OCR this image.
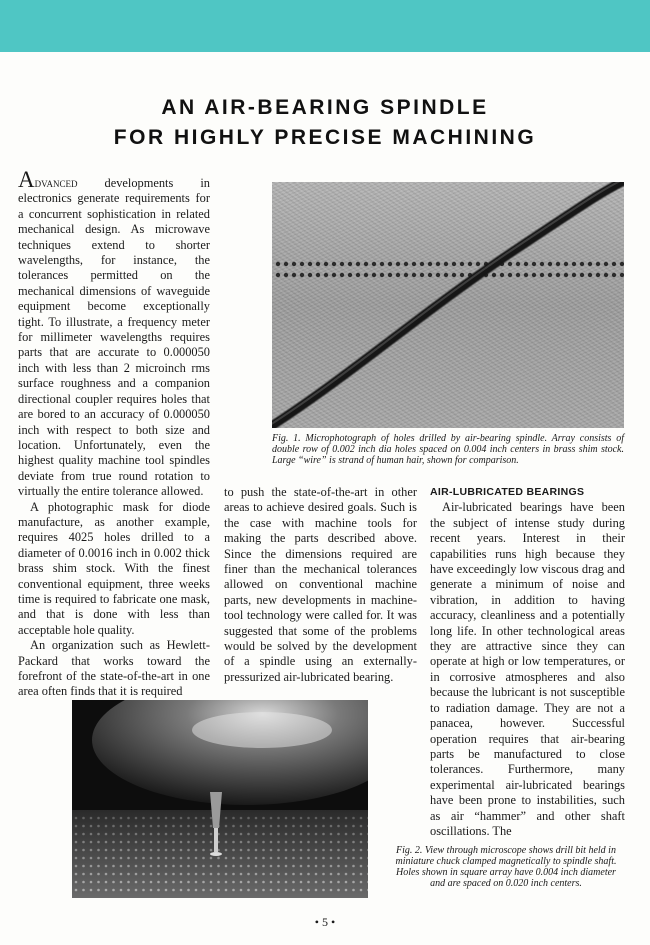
AN AIR-BEARING SPINDLE
FOR HIGHLY PRECISE MACHINING

Advanced developments in electronics generate requirements for a concurrent sophistication in related mechanical design. As microwave techniques extend to shorter wavelengths, for instance, the tolerances permitted on the mechanical dimensions of waveguide equipment become exceptionally tight. To illustrate, a frequency meter for millimeter wavelengths requires parts that are accurate to 0.000050 inch with less than 2 microinch rms surface roughness and a companion directional coupler requires holes that are bored to an accuracy of 0.000050 inch with respect to both size and location. Unfortunately, even the highest quality machine tool spindles deviate from true round rotation to virtually the entire tolerance allowed.

A photographic mask for diode manufacture, as another example, requires 4025 holes drilled to a diameter of 0.0016 inch in 0.002 thick brass shim stock. With the finest conventional equipment, three weeks time is required to fabricate one mask, and that is done with less than acceptable hole quality.

An organization such as Hewlett-Packard that works toward the forefront of the state-of-the-art in one area often finds that it is required

Fig. 1. Microphotograph of holes drilled by air-bearing spindle. Array consists of double row of 0.002 inch dia holes spaced on 0.004 inch centers in brass shim stock. Large “wire” is strand of human hair, shown for comparison.

to push the state-of-the-art in other areas to achieve desired goals. Such is the case with machine tools for making the parts described above. Since the dimensions required are finer than the mechanical tolerances allowed on conventional machine parts, new developments in machine-tool technology were called for. It was suggested that some of the problems would be solved by the development of a spindle using an externally-pressurized air-lubricated bearing.

AIR-LUBRICATED BEARINGS

Air-lubricated bearings have been the subject of intense study during recent years. Interest in their capabilities runs high because they have exceedingly low viscous drag and generate a minimum of noise and vibration, in addition to having accuracy, cleanliness and a potentially long life. In other technological areas they are attractive since they can operate at high or low temperatures, or in corrosive atmospheres and also because the lubricant is not susceptible to radiation damage. They are not a panacea, however. Successful operation requires that air-bearing parts be manufactured to close tolerances. Furthermore, many experimental air-lubricated bearings have been prone to instabilities, such as air “hammer” and other shaft oscillations. The

Fig. 2. View through microscope shows drill bit held in miniature chuck clamped magnetically to spindle shaft. Holes shown in square array have 0.004 inch diameter and are spaced on 0.020 inch centers.
• 5 •
